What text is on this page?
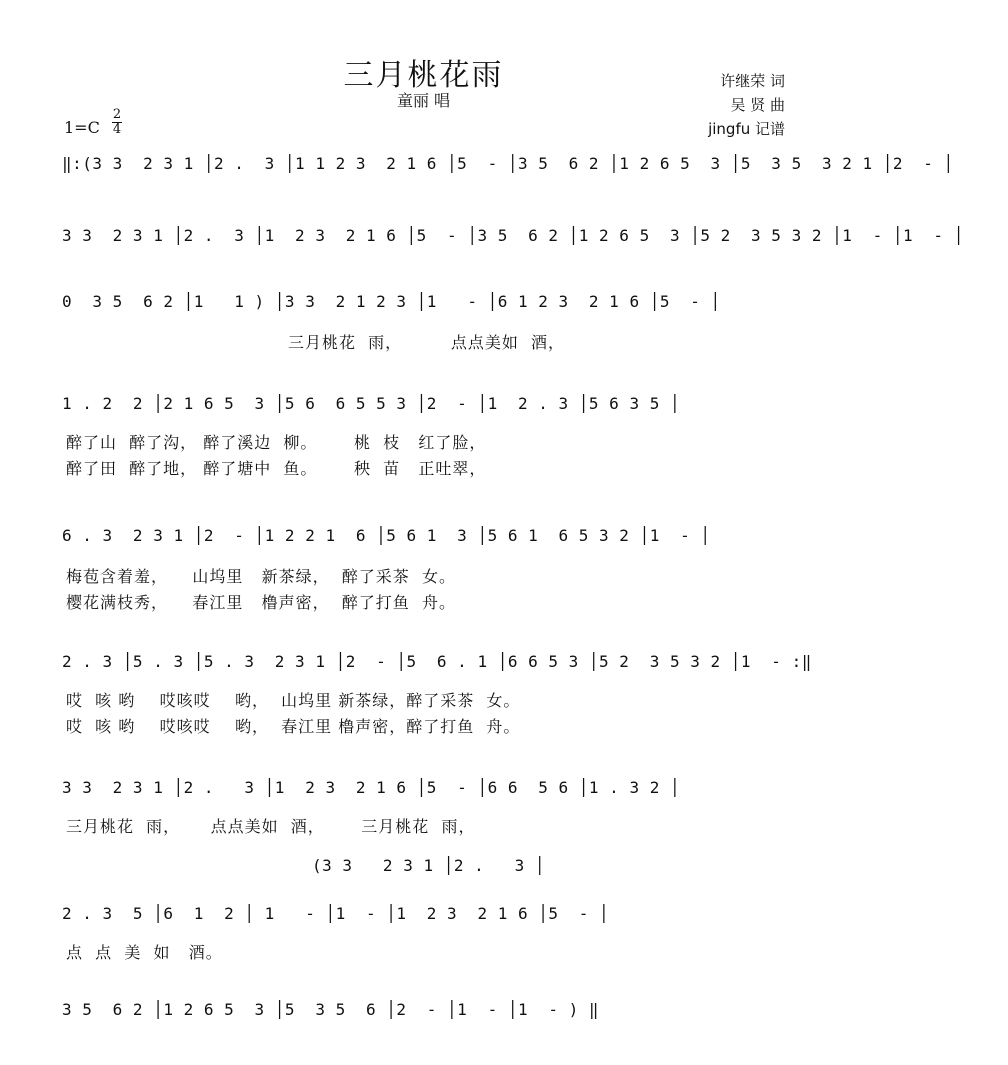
三月桃花雨
童丽 唱
许继荣 词
吴 贤 曲
jingfu 记谱
1=C
2
4
‖:(3 3  2 3 1 │2 .  3 │1 1 2 3  2 1 6 │5  - │3 5  6 2 │1 2 6 5  3 │5  3 5  3 2 1 │2  - │
3 3  2 3 1 │2 .  3 │1  2 3  2 1 6 │5  - │3 5  6 2 │1 2 6 5  3 │5 2  3 5 3 2 │1  - │1  - │
0  3 5  6 2 │1   1 ) │3 3  2 1 2 3 │1   - │6 1 2 3  2 1 6 │5  - │
三月桃花  雨，        点点美如  酒，
1 . 2  2 │2 1 6 5  3 │5 6  6 5 5 3 │2  - │1  2 . 3 │5 6 3 5 │
醉了山  醉了沟， 醉了溪边  柳。      桃  枝   红了脸，
醉了田  醉了地， 醉了塘中  鱼。      秧  苗   正吐翠，
6 . 3  2 3 1 │2  - │1 2 2 1  6 │5 6 1  3 │5 6 1  6 5 3 2 │1  - │
梅苞含着羞，    山坞里   新茶绿，  醉了采茶  女。
樱花满枝秀，    春江里   橹声密，  醉了打鱼  舟。
2 . 3 │5 . 3 │5 . 3  2 3 1 │2  - │5  6 . 1 │6 6 5 3 │5 2  3 5 3 2 │1  - :‖
哎  咳 哟    哎咳哎    哟，  山坞里 新茶绿，醉了采茶  女。
哎  咳 哟    哎咳哎    哟，  春江里 橹声密，醉了打鱼  舟。
3 3  2 3 1 │2 .   3 │1  2 3  2 1 6 │5  - │6 6  5 6 │1 . 3 2 │
三月桃花  雨，     点点美如  酒，      三月桃花  雨，
(3 3   2 3 1 │2 .   3 │
2 . 3  5 │6  1  2 │ 1   - │1  - │1  2 3  2 1 6 │5  - │
点  点  美  如   酒。
3 5  6 2 │1 2 6 5  3 │5  3 5  6 │2  - │1  - │1  - ) ‖
